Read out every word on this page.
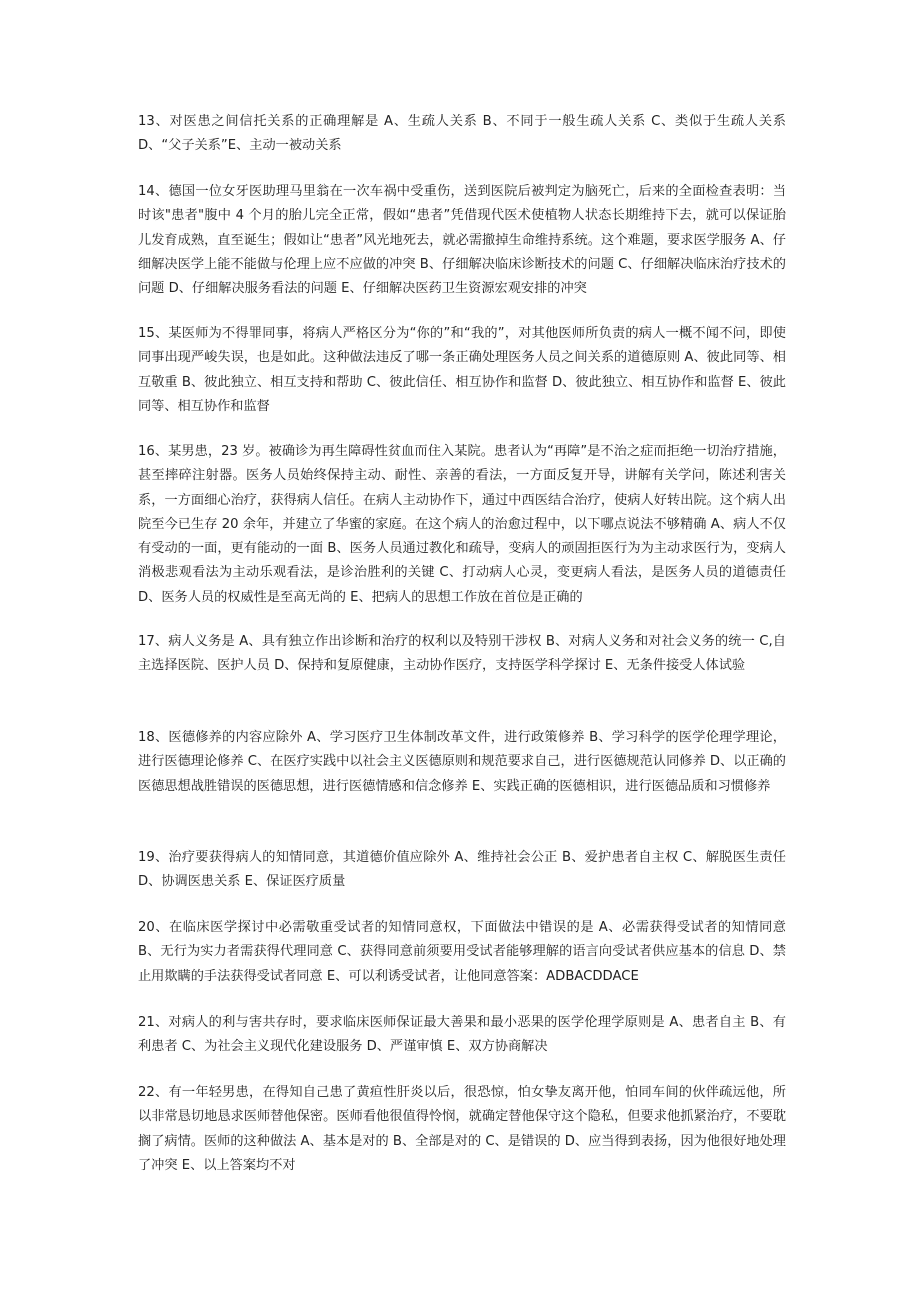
13、对医患之间信托关系的正确理解是 A、生疏人关系 B、不同于一般生疏人关系 C、类似于生疏人关系 D、“父子关系”E、主动一被动关系

14、德国一位女牙医助理马里翁在一次车祸中受重伤，送到医院后被判定为脑死亡，后来的全面检查表明：当时该"患者"腹中 4 个月的胎儿完全正常，假如“患者”凭借现代医术使植物人状态长期维持下去，就可以保证胎儿发育成熟，直至诞生；假如让“患者”风光地死去，就必需撤掉生命维持系统。这个难题，要求医学服务 A、仔细解决医学上能不能做与伦理上应不应做的冲突 B、仔细解决临床诊断技术的问题 C、仔细解决临床治疗技术的问题 D、仔细解决服务看法的问题 E、仔细解决医药卫生资源宏观安排的冲突

15、某医师为不得罪同事，将病人严格区分为“你的”和“我的”，对其他医师所负责的病人一概不闻不问，即使同事出现严峻失误，也是如此。这种做法违反了哪一条正确处理医务人员之间关系的道德原则 A、彼此同等、相互敬重 B、彼此独立、相互支持和帮助 C、彼此信任、相互协作和监督 D、彼此独立、相互协作和监督 E、彼此同等、相互协作和监督

16、某男患，23 岁。被确诊为再生障碍性贫血而住入某院。患者认为“再障”是不治之症而拒绝一切治疗措施，甚至摔碎注射器。医务人员始终保持主动、耐性、亲善的看法，一方面反复开导，讲解有关学问，陈述利害关系，一方面细心治疗，获得病人信任。在病人主动协作下，通过中西医结合治疗，使病人好转出院。这个病人出院至今已生存 20 余年，并建立了华蜜的家庭。在这个病人的治愈过程中，以下哪点说法不够精确 A、病人不仅有受动的一面，更有能动的一面 B、医务人员通过教化和疏导，变病人的顽固拒医行为为主动求医行为，变病人消极悲观看法为主动乐观看法，是诊治胜利的关键 C、打动病人心灵，变更病人看法，是医务人员的道德责任 D、医务人员的权威性是至高无尚的 E、把病人的思想工作放在首位是正确的

17、病人义务是 A、具有独立作出诊断和治疗的权利以及特别干涉权 B、对病人义务和对社会义务的统一 C,自主选择医院、医护人员 D、保持和复原健康，主动协作医疗，支持医学科学探讨 E、无条件接受人体试验

18、医德修养的内容应除外 A、学习医疗卫生体制改革文件，进行政策修养 B、学习科学的医学伦理学理论，进行医德理论修养 C、在医疗实践中以社会主义医德原则和规范要求自己，进行医德规范认同修养 D、以正确的医德思想战胜错误的医德思想，进行医德情感和信念修养 E、实践正确的医德相识，进行医德品质和习惯修养

19、治疗要获得病人的知情同意，其道德价值应除外 A、维持社会公正 B、爱护患者自主权 C、解脱医生责任 D、协调医患关系 E、保证医疗质量

20、在临床医学探讨中必需敬重受试者的知情同意权，下面做法中错误的是 A、必需获得受试者的知情同意 B、无行为实力者需获得代理同意 C、获得同意前须要用受试者能够理解的语言向受试者供应基本的信息 D、禁止用欺瞒的手法获得受试者同意 E、可以利诱受试者，让他同意答案：ADBACDDACE

21、对病人的利与害共存时，要求临床医师保证最大善果和最小恶果的医学伦理学原则是 A、患者自主 B、有利患者 C、为社会主义现代化建设服务 D、严谨审慎 E、双方协商解决

22、有一年轻男患，在得知自己患了黄疸性肝炎以后，很恐惊，怕女挚友离开他，怕同车间的伙伴疏远他，所以非常恳切地恳求医师替他保密。医师看他很值得怜悯，就确定替他保守这个隐私，但要求他抓紧治疗，不要耽搁了病情。医师的这种做法 A、基本是对的 B、全部是对的 C、是错误的 D、应当得到表扬，因为他很好地处理了冲突 E、以上答案均不对
